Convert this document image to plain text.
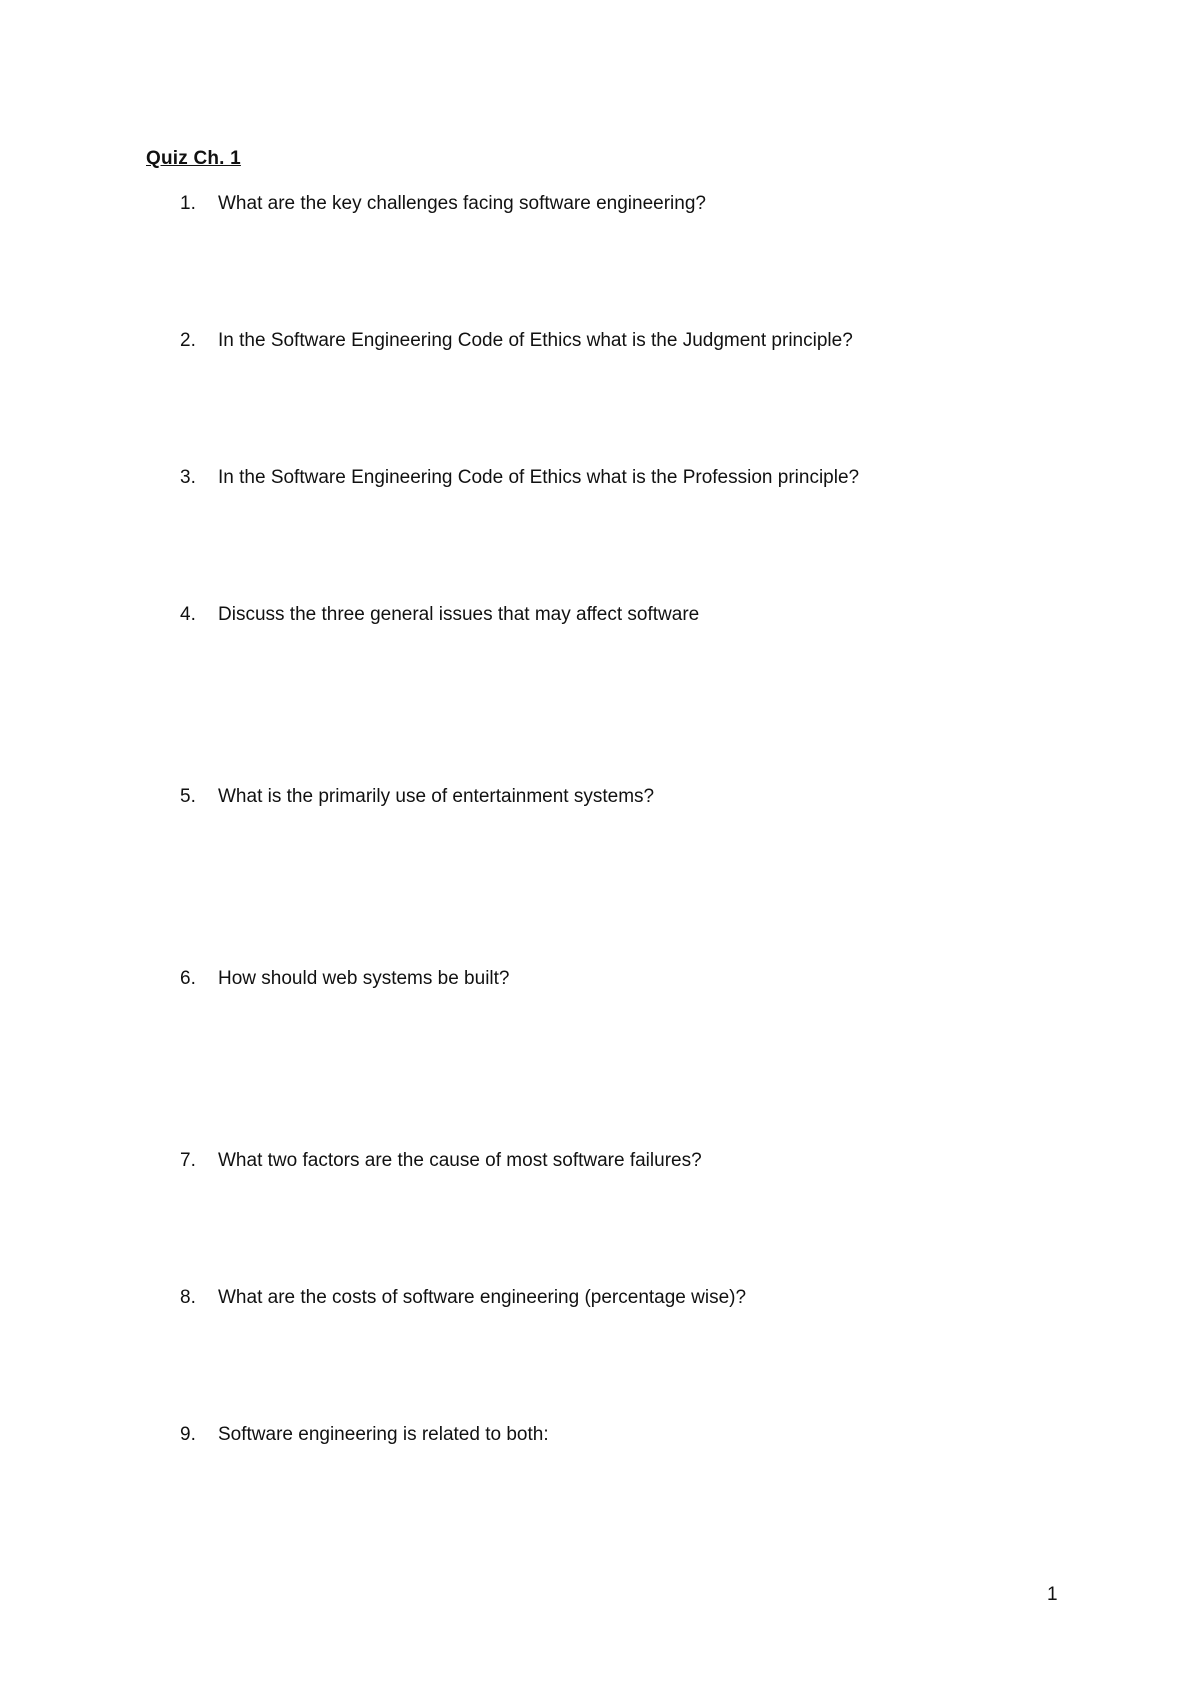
Quiz Ch. 1
1. What are the key challenges facing software engineering?
2. In the Software Engineering Code of Ethics what is the Judgment principle?
3. In the Software Engineering Code of Ethics what is the Profession principle?
4. Discuss the three general issues that may affect software
5. What is the primarily use of entertainment systems?
6. How should web systems be built?
7. What two factors are the cause of most software failures?
8. What are the costs of software engineering (percentage wise)?
9. Software engineering is related to both:
1
